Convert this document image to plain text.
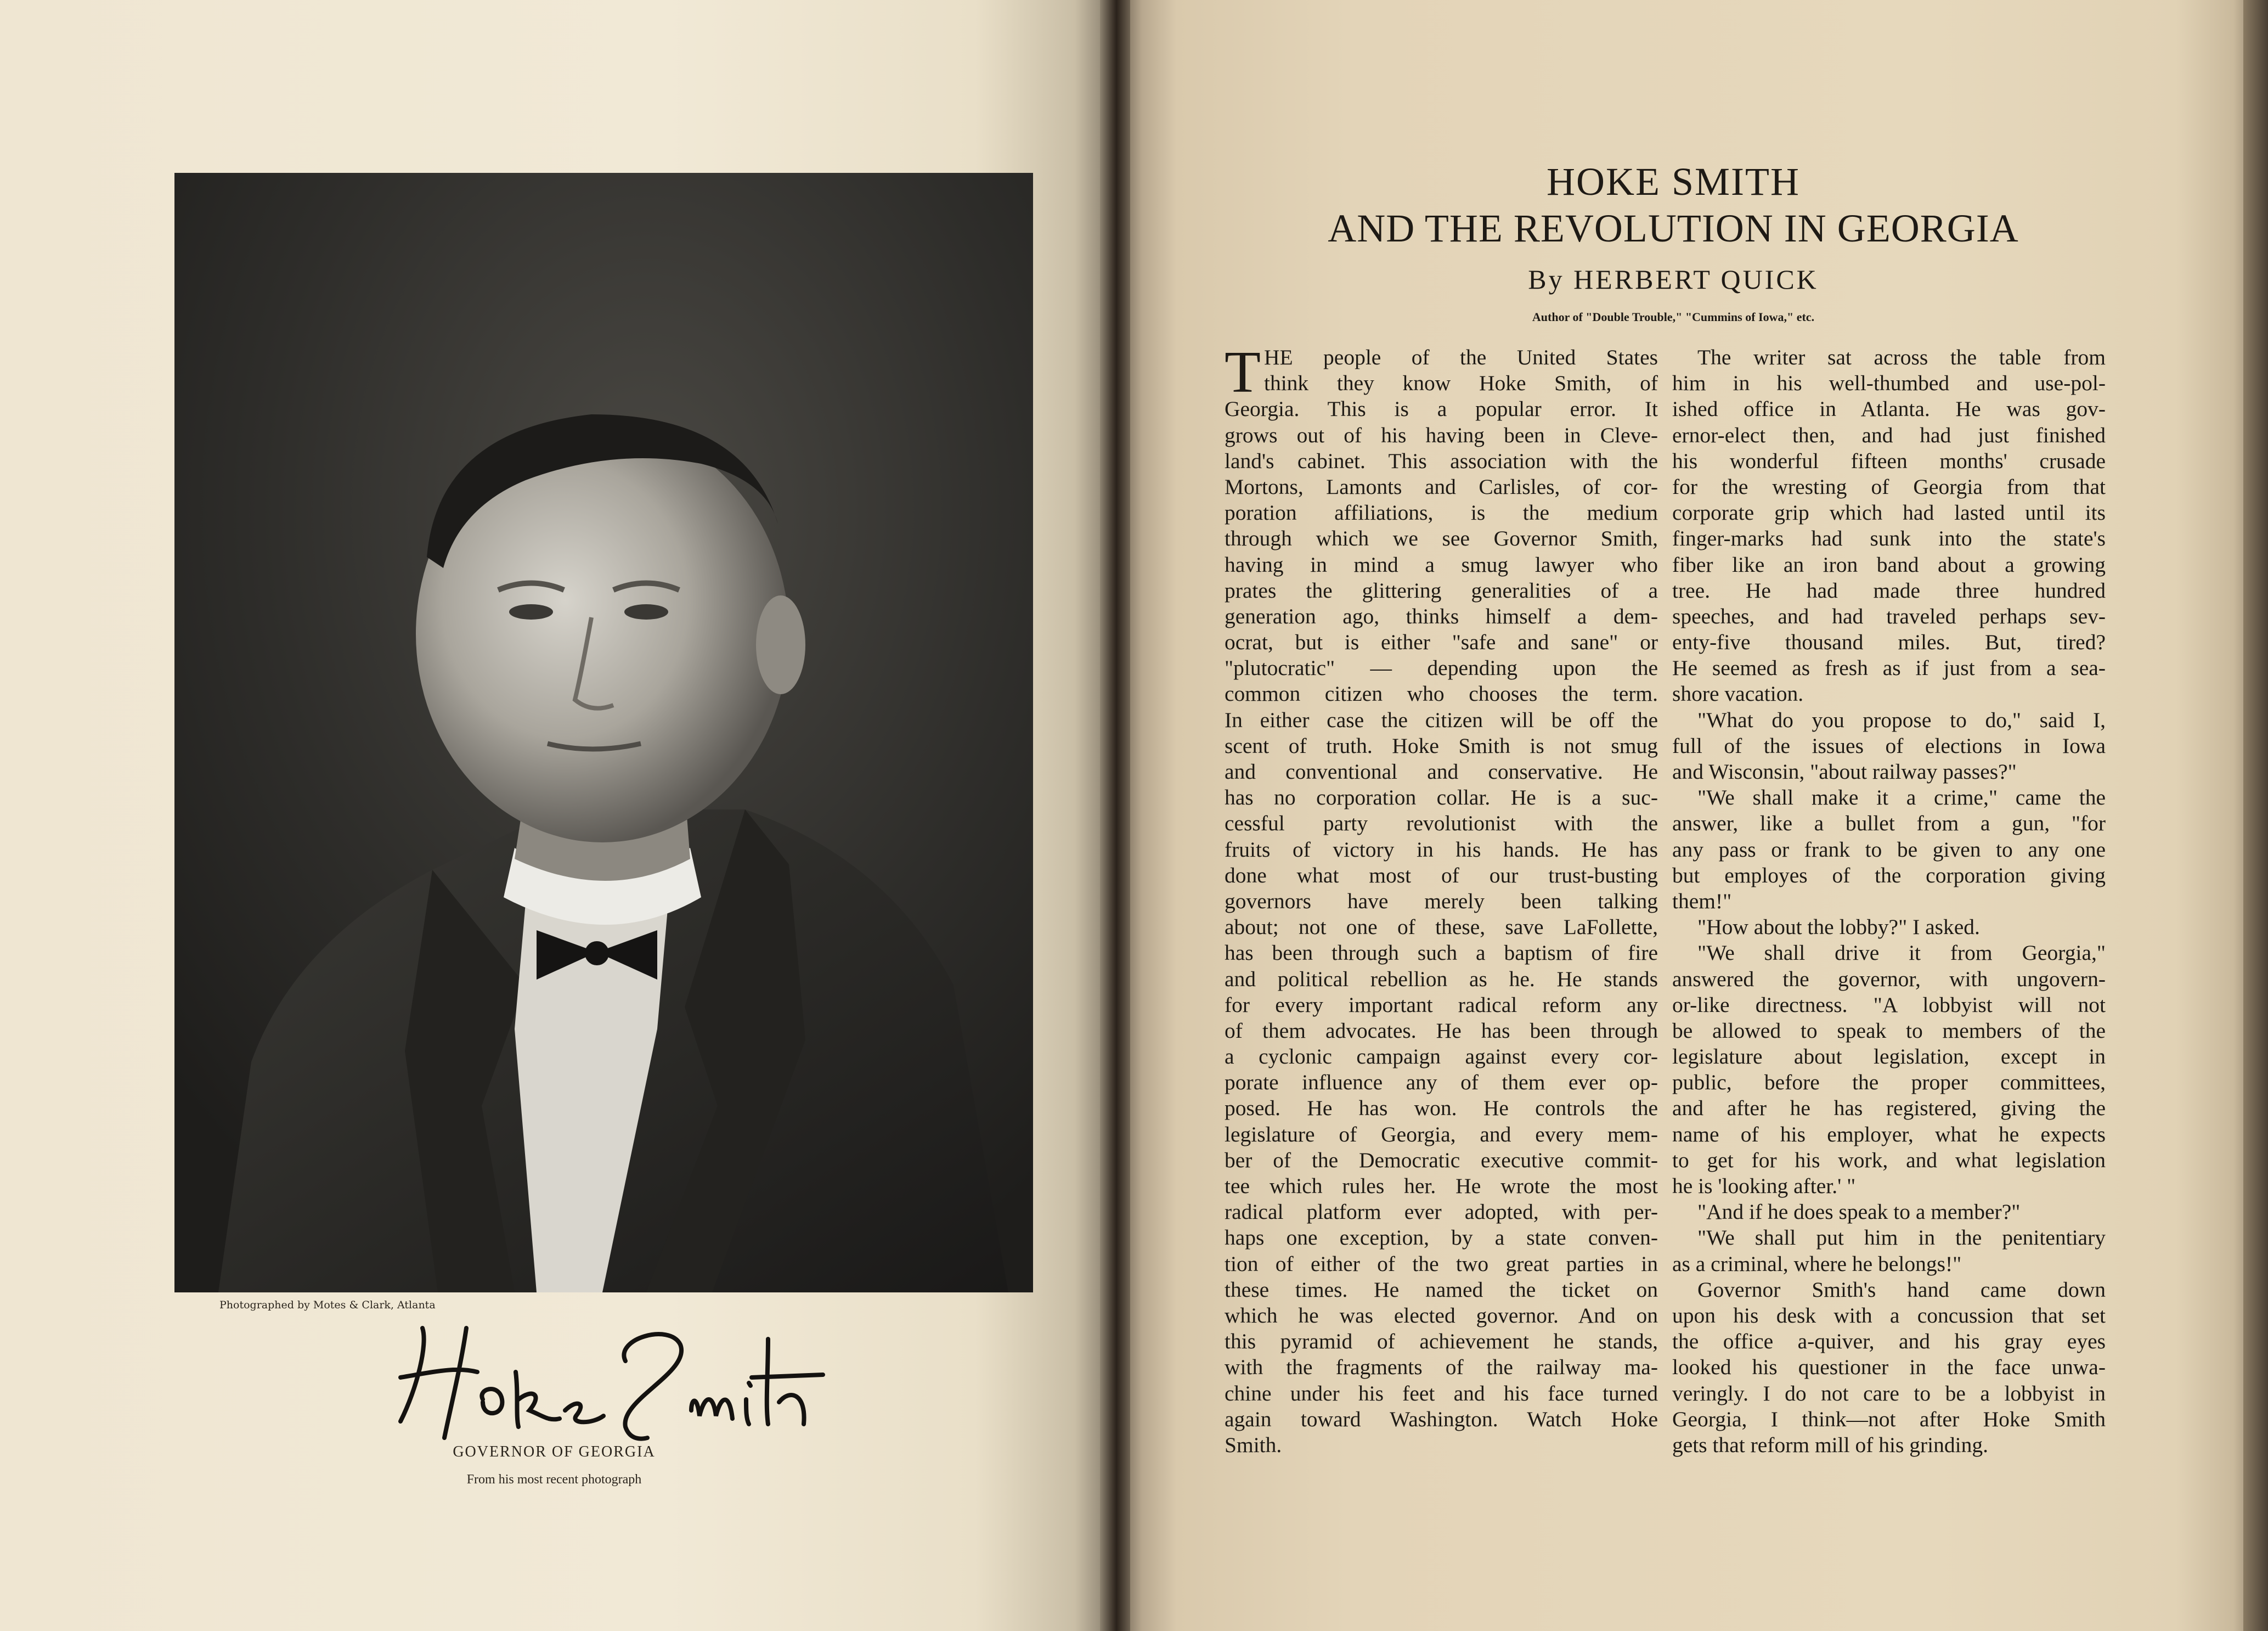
Photographed by Motes & Clark, Atlanta
GOVERNOR OF GEORGIA
From his most recent photograph
HOKE SMITH
AND THE REVOLUTION IN GEORGIA
By HERBERT QUICK
Author of "Double Trouble," "Cummins of Iowa," etc.
T HE people of the United States
think they know Hoke Smith, of
Georgia. This is a popular error. It
grows out of his having been in Cleve-
land's cabinet. This association with the
Mortons, Lamonts and Carlisles, of cor-
poration affiliations, is the medium
through which we see Governor Smith,
having in mind a smug lawyer who
prates the glittering generalities of a
generation ago, thinks himself a dem-
ocrat, but is either "safe and sane" or
"plutocratic" — depending upon the
common citizen who chooses the term.
In either case the citizen will be off the
scent of truth. Hoke Smith is not smug
and conventional and conservative. He
has no corporation collar. He is a suc-
cessful party revolutionist with the
fruits of victory in his hands. He has
done what most of our trust-busting
governors have merely been talking
about; not one of these, save LaFollette,
has been through such a baptism of fire
and political rebellion as he. He stands
for every important radical reform any
of them advocates. He has been through
a cyclonic campaign against every cor-
porate influence any of them ever op-
posed. He has won. He controls the
legislature of Georgia, and every mem-
ber of the Democratic executive commit-
tee which rules her. He wrote the most
radical platform ever adopted, with per-
haps one exception, by a state conven-
tion of either of the two great parties in
these times. He named the ticket on
which he was elected governor. And on
this pyramid of achievement he stands,
with the fragments of the railway ma-
chine under his feet and his face turned
again toward Washington. Watch Hoke
Smith.
The writer sat across the table from
him in his well-thumbed and use-pol-
ished office in Atlanta. He was gov-
ernor-elect then, and had just finished
his wonderful fifteen months' crusade
for the wresting of Georgia from that
corporate grip which had lasted until its
finger-marks had sunk into the state's
fiber like an iron band about a growing
tree. He had made three hundred
speeches, and had traveled perhaps sev-
enty-five thousand miles. But, tired?
He seemed as fresh as if just from a sea-
shore vacation.
"What do you propose to do," said I,
full of the issues of elections in Iowa
and Wisconsin, "about railway passes?"
"We shall make it a crime," came the
answer, like a bullet from a gun, "for
any pass or frank to be given to any one
but employes of the corporation giving
them!"
"How about the lobby?" I asked.
"We shall drive it from Georgia,"
answered the governor, with ungovern-
or-like directness. "A lobbyist will not
be allowed to speak to members of the
legislature about legislation, except in
public, before the proper committees,
and after he has registered, giving the
name of his employer, what he expects
to get for his work, and what legislation
he is 'looking after.' "
"And if he does speak to a member?"
"We shall put him in the penitentiary
as a criminal, where he belongs!"
Governor Smith's hand came down
upon his desk with a concussion that set
the office a-quiver, and his gray eyes
looked his questioner in the face unwa-
veringly. I do not care to be a lobbyist in
Georgia, I think—not after Hoke Smith
gets that reform mill of his grinding.
